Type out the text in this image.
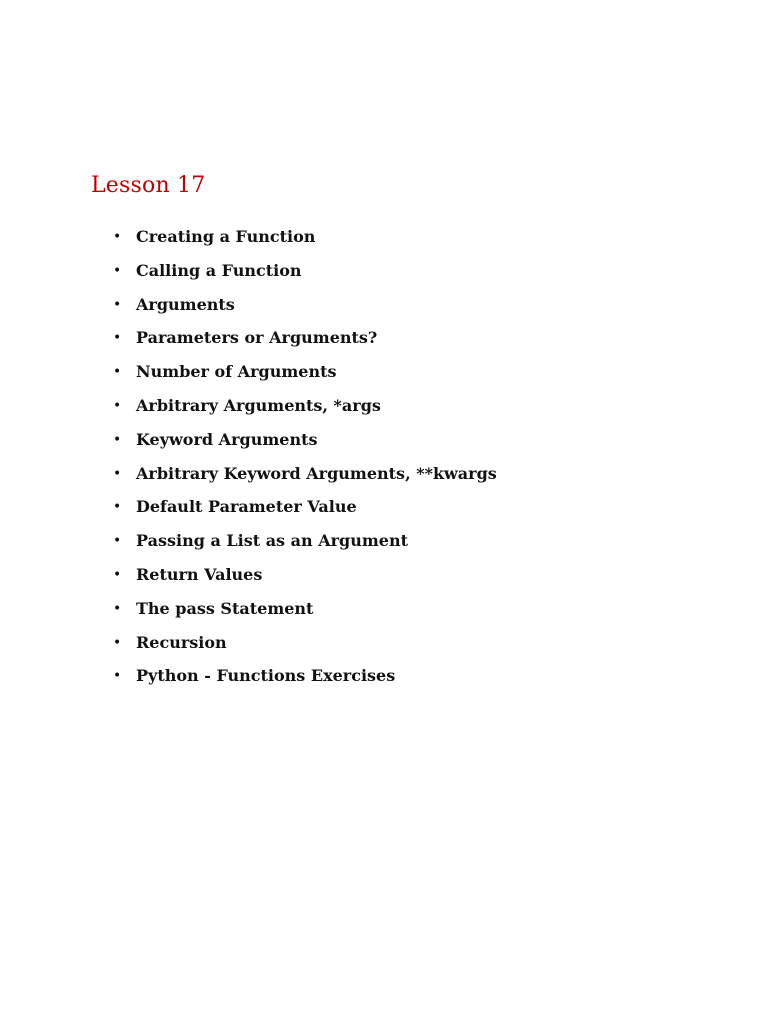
Lesson 17
• Creating a Function
• Calling a Function
• Arguments
• Parameters or Arguments?
• Number of Arguments
• Arbitrary Arguments, *args
• Keyword Arguments
• Arbitrary Keyword Arguments, **kwargs
• Default Parameter Value
• Passing a List as an Argument
• Return Values
• The pass Statement
• Recursion
• Python - Functions Exercises
